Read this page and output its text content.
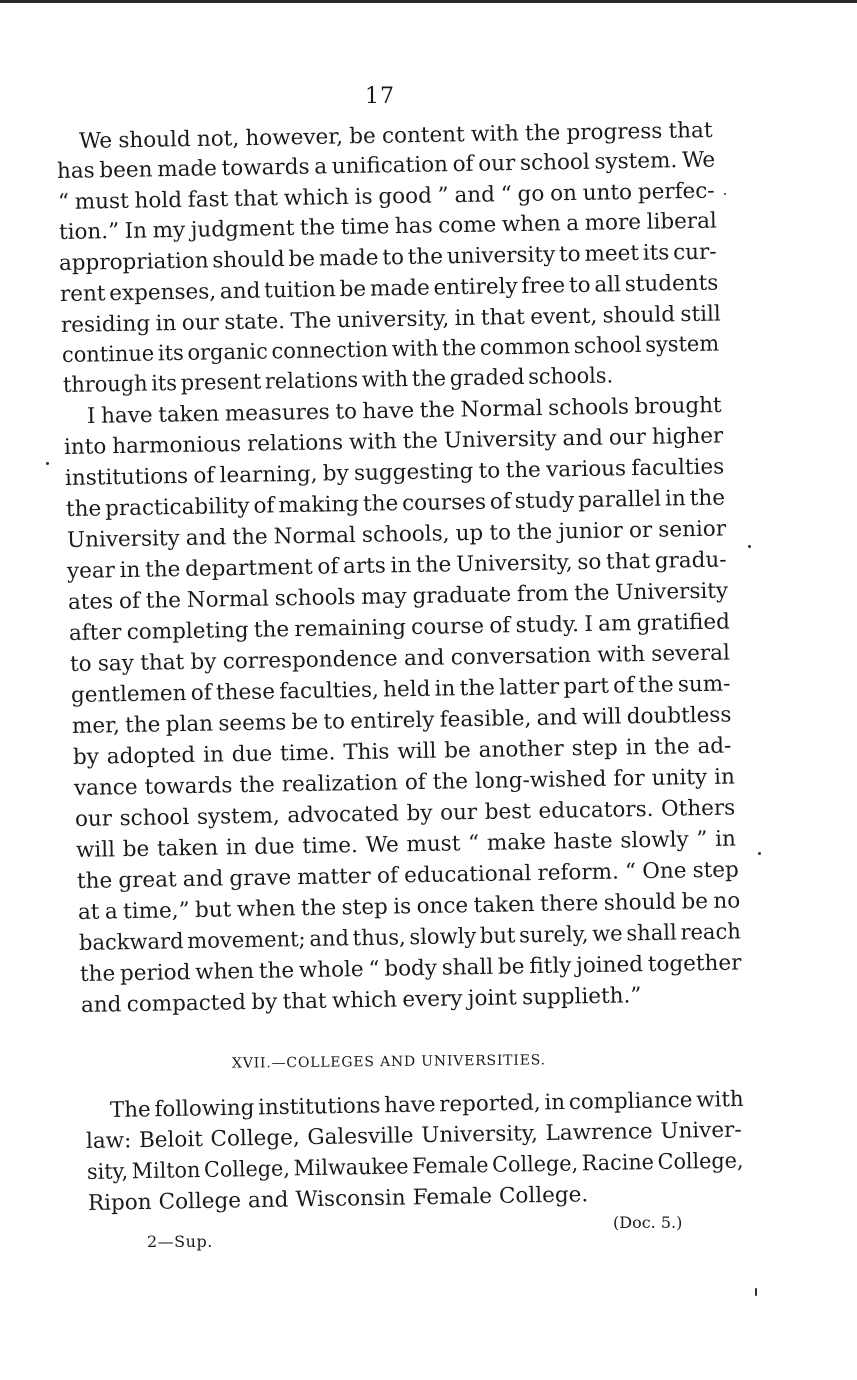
17
We should not, however, be content with the progress that
has been made towards a unification of our school system. We
“ must hold fast that which is good ” and “ go on unto perfec-
tion.” In my judgment the time has come when a more liberal
appropriation should be made to the university to meet its cur-
rent expenses, and tuition be made entirely free to all students
residing in our state. The university, in that event, should still
continue its organic connection with the common school system
through its present relations with the graded schools.
I have taken measures to have the Normal schools brought
into harmonious relations with the University and our higher
institutions of learning, by suggesting to the various faculties
the practicability of making the courses of study parallel in the
University and the Normal schools, up to the junior or senior
year in the department of arts in the University, so that gradu-
ates of the Normal schools may graduate from the University
after completing the remaining course of study. I am gratified
to say that by correspondence and conversation with several
gentlemen of these faculties, held in the latter part of the sum-
mer, the plan seems be to entirely feasible, and will doubtless
by adopted in due time. This will be another step in the ad-
vance towards the realization of the long-wished for unity in
our school system, advocated by our best educators. Others
will be taken in due time. We must “ make haste slowly ” in
the great and grave matter of educational reform. “ One step
at a time,” but when the step is once taken there should be no
backward movement; and thus, slowly but surely, we shall reach
the period when the whole “ body shall be fitly joined together
and compacted by that which every joint supplieth.”
XVII.—COLLEGES AND UNIVERSITIES.
The following institutions have reported, in compliance with
law: Beloit College, Galesville University, Lawrence Univer-
sity, Milton College, Milwaukee Female College, Racine College,
Ripon College and Wisconsin Female College.
2—Sup.
(Doc. 5.)
